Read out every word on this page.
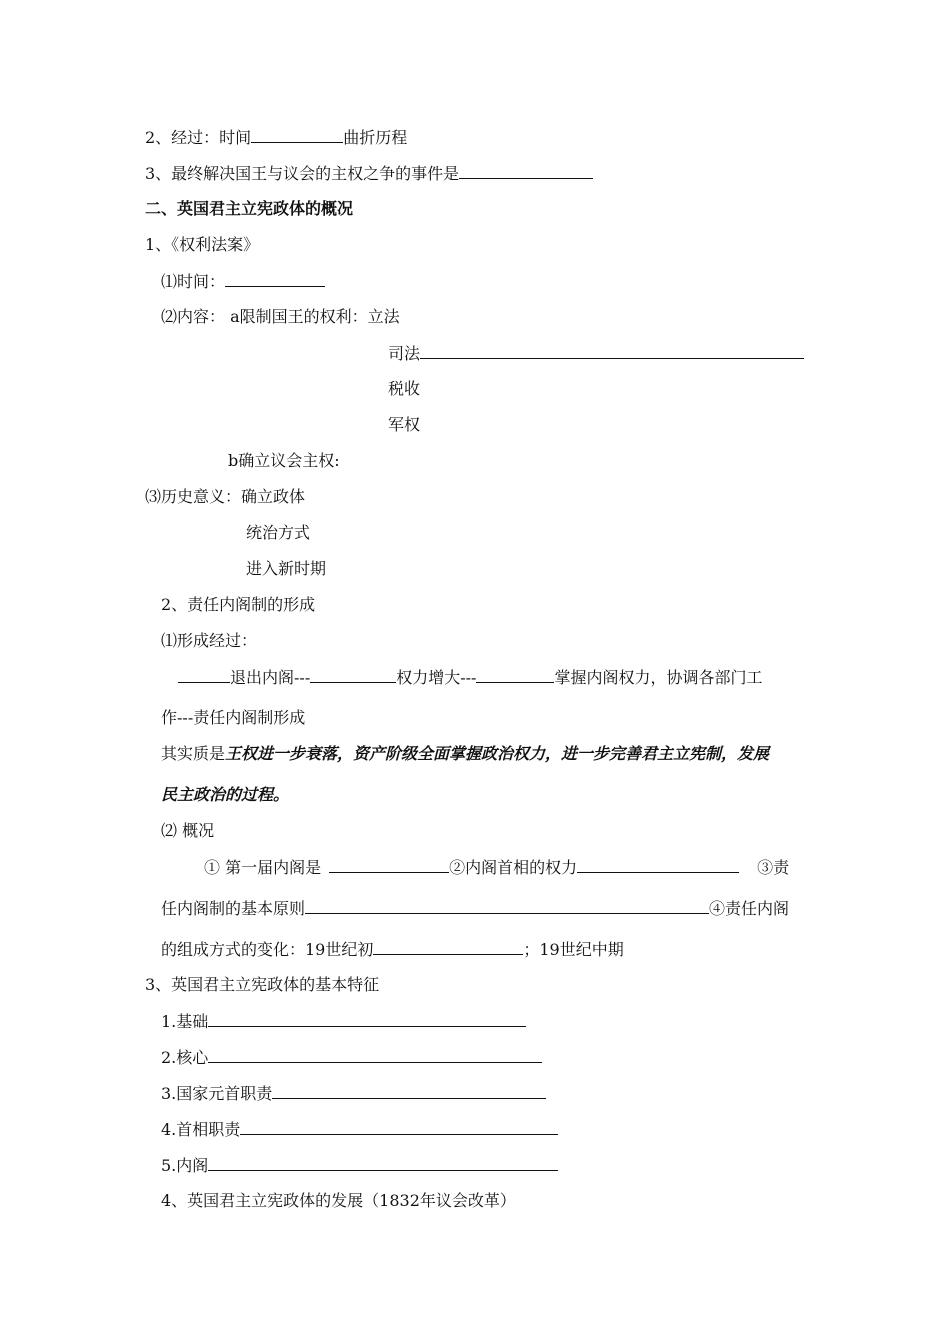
2、经过：时间	曲折历程
3、最终解决国王与议会的主权之争的事件是
二、英国君主立宪政体的概况
1、《权利法案》
⑴时间：
⑵内容： a限制国王的权利：立法
司法
税收
军权
b确立议会主权:
⑶历史意义：确立政体
统治方式
进入新时期
2、责任内阁制的形成
⑴形成经过：
退出内阁---	权力增大---	掌握内阁权力，协调各部门工
作---责任内阁制形成
其实质是王权进一步衰落，资产阶级全面掌握政治权力，进一步完善君主立宪制，发展
民主政治的过程。
⑵ 概况
① 第一届内阁是	②内阁首相的权力	③责
任内阁制的基本原则	④责任内阁
的组成方式的变化：19世纪初	；19世纪中期
3、英国君主立宪政体的基本特征
1.基础
2.核心
3.国家元首职责
4.首相职责
5.内阁
4、英国君主立宪政体的发展（1832年议会改革）
